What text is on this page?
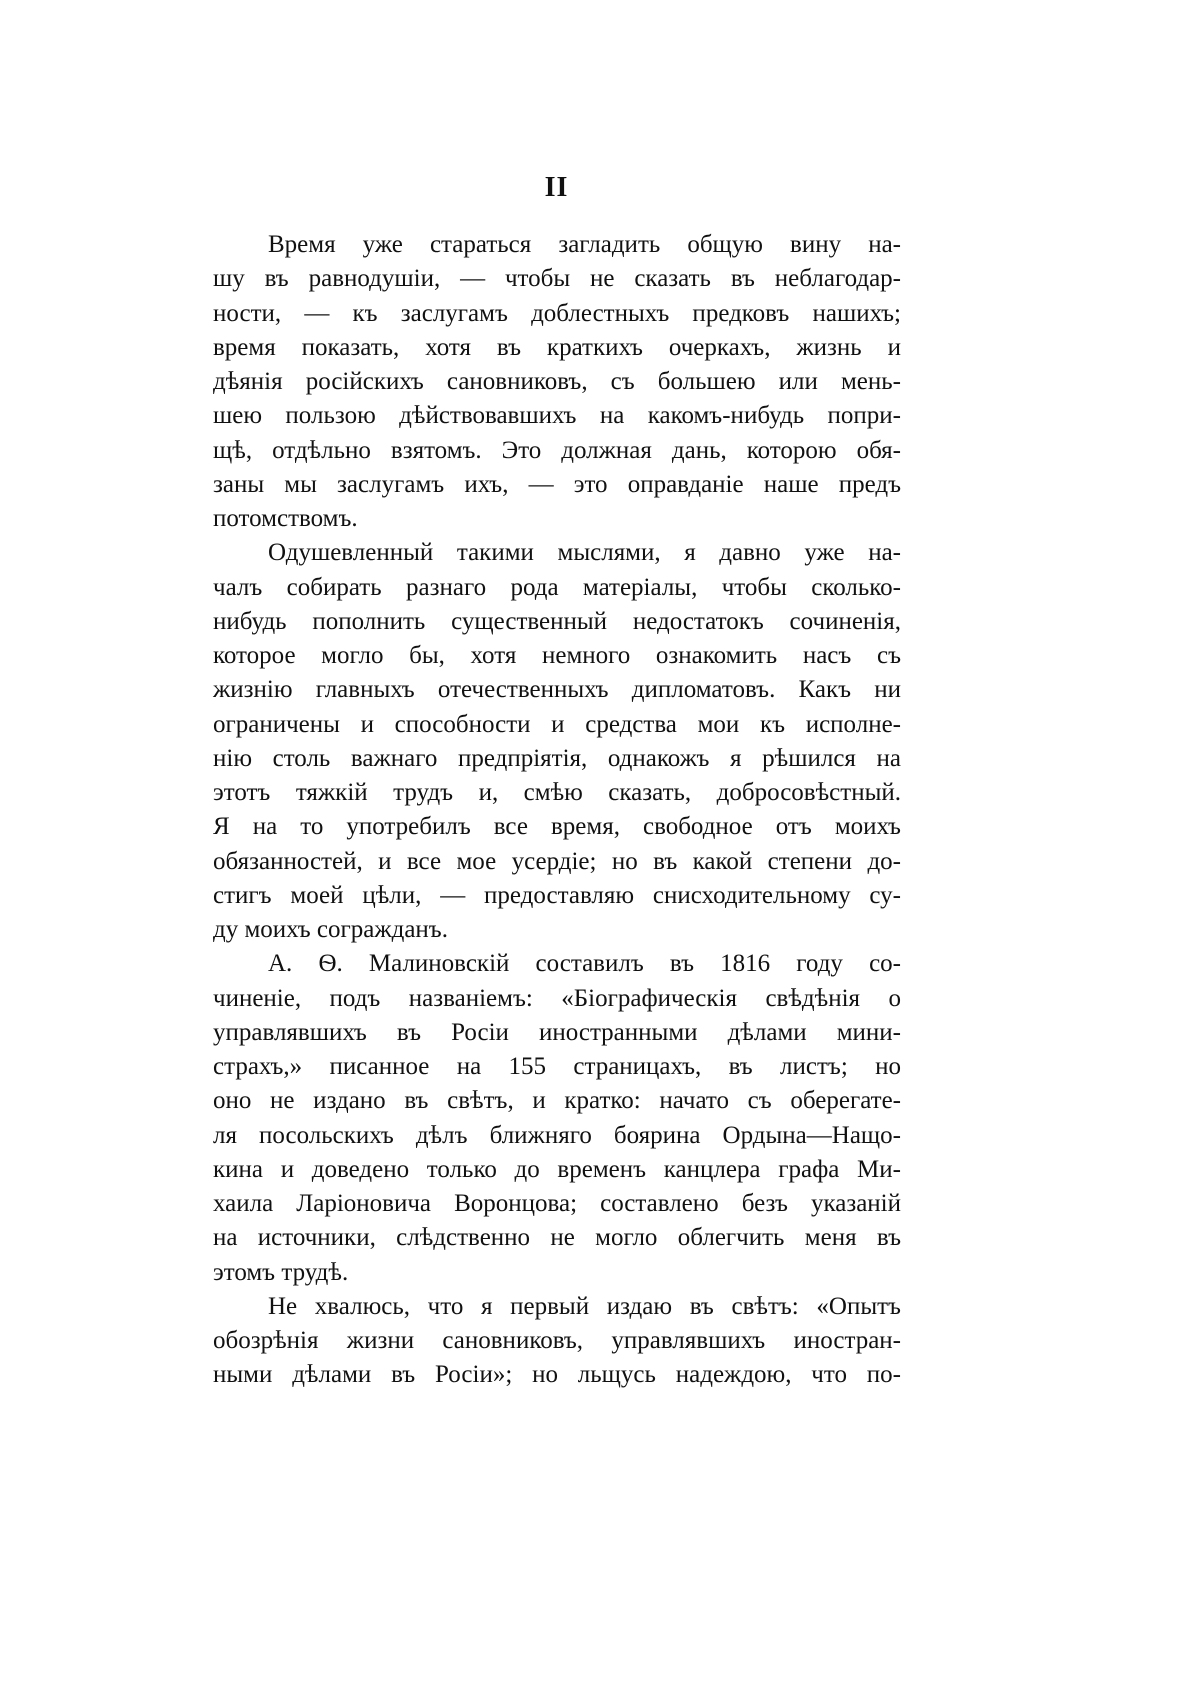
II
Время уже стараться загладить общую вину на-
шу въ равнодушіи, — чтобы не сказать въ неблагодар-
ности, — къ заслугамъ доблестныхъ предковъ нашихъ;
время показать, хотя въ краткихъ очеркахъ, жизнь и
дѣянія російскихъ сановниковъ, съ большею или мень-
шею пользою дѣйствовавшихъ на какомъ-нибудь попри-
щѣ, отдѣльно взятомъ. Это должная дань, которою обя-
заны мы заслугамъ ихъ, — это оправданіе наше предъ
потомствомъ.
Одушевленный такими мыслями, я давно уже на-
чалъ собирать разнаго рода матеріалы, чтобы сколько-
нибудь пополнить существенный недостатокъ сочиненія,
которое могло бы, хотя немного ознакомить насъ съ
жизнію главныхъ отечественныхъ дипломатовъ. Какъ ни
ограничены и способности и средства мои къ исполне-
нію столь важнаго предпріятія, однакожъ я рѣшился на
этотъ тяжкій трудъ и, смѣю сказать, добросовѣстный.
Я на то употребилъ все время, свободное отъ моихъ
обязанностей, и все мое усердіе; но въ какой степени до-
стигъ моей цѣли, — предоставляю снисходительному су-
ду моихъ согражданъ.
А. Ѳ. Малиновскій составилъ въ 1816 году со-
чиненіе, подъ названіемъ: «Біографическія свѣдѣнія о
управлявшихъ въ Росіи иностранными дѣлами мини-
страхъ,» писанное на 155 страницахъ, въ листъ; но
оно не издано въ свѣтъ, и кратко: начато съ оберегате-
ля посольскихъ дѣлъ ближняго боярина Ордына—Нащо-
кина и доведено только до временъ канцлера графа Ми-
хаила Ларіоновича Воронцова; составлено безъ указаній
на источники, слѣдственно не могло облегчить меня въ
этомъ трудѣ.
Не хвалюсь, что я первый издаю въ свѣтъ: «Опытъ
обозрѣнія жизни сановниковъ, управлявшихъ иностран-
ными дѣлами въ Росіи»; но льщусь надеждою, что по-
